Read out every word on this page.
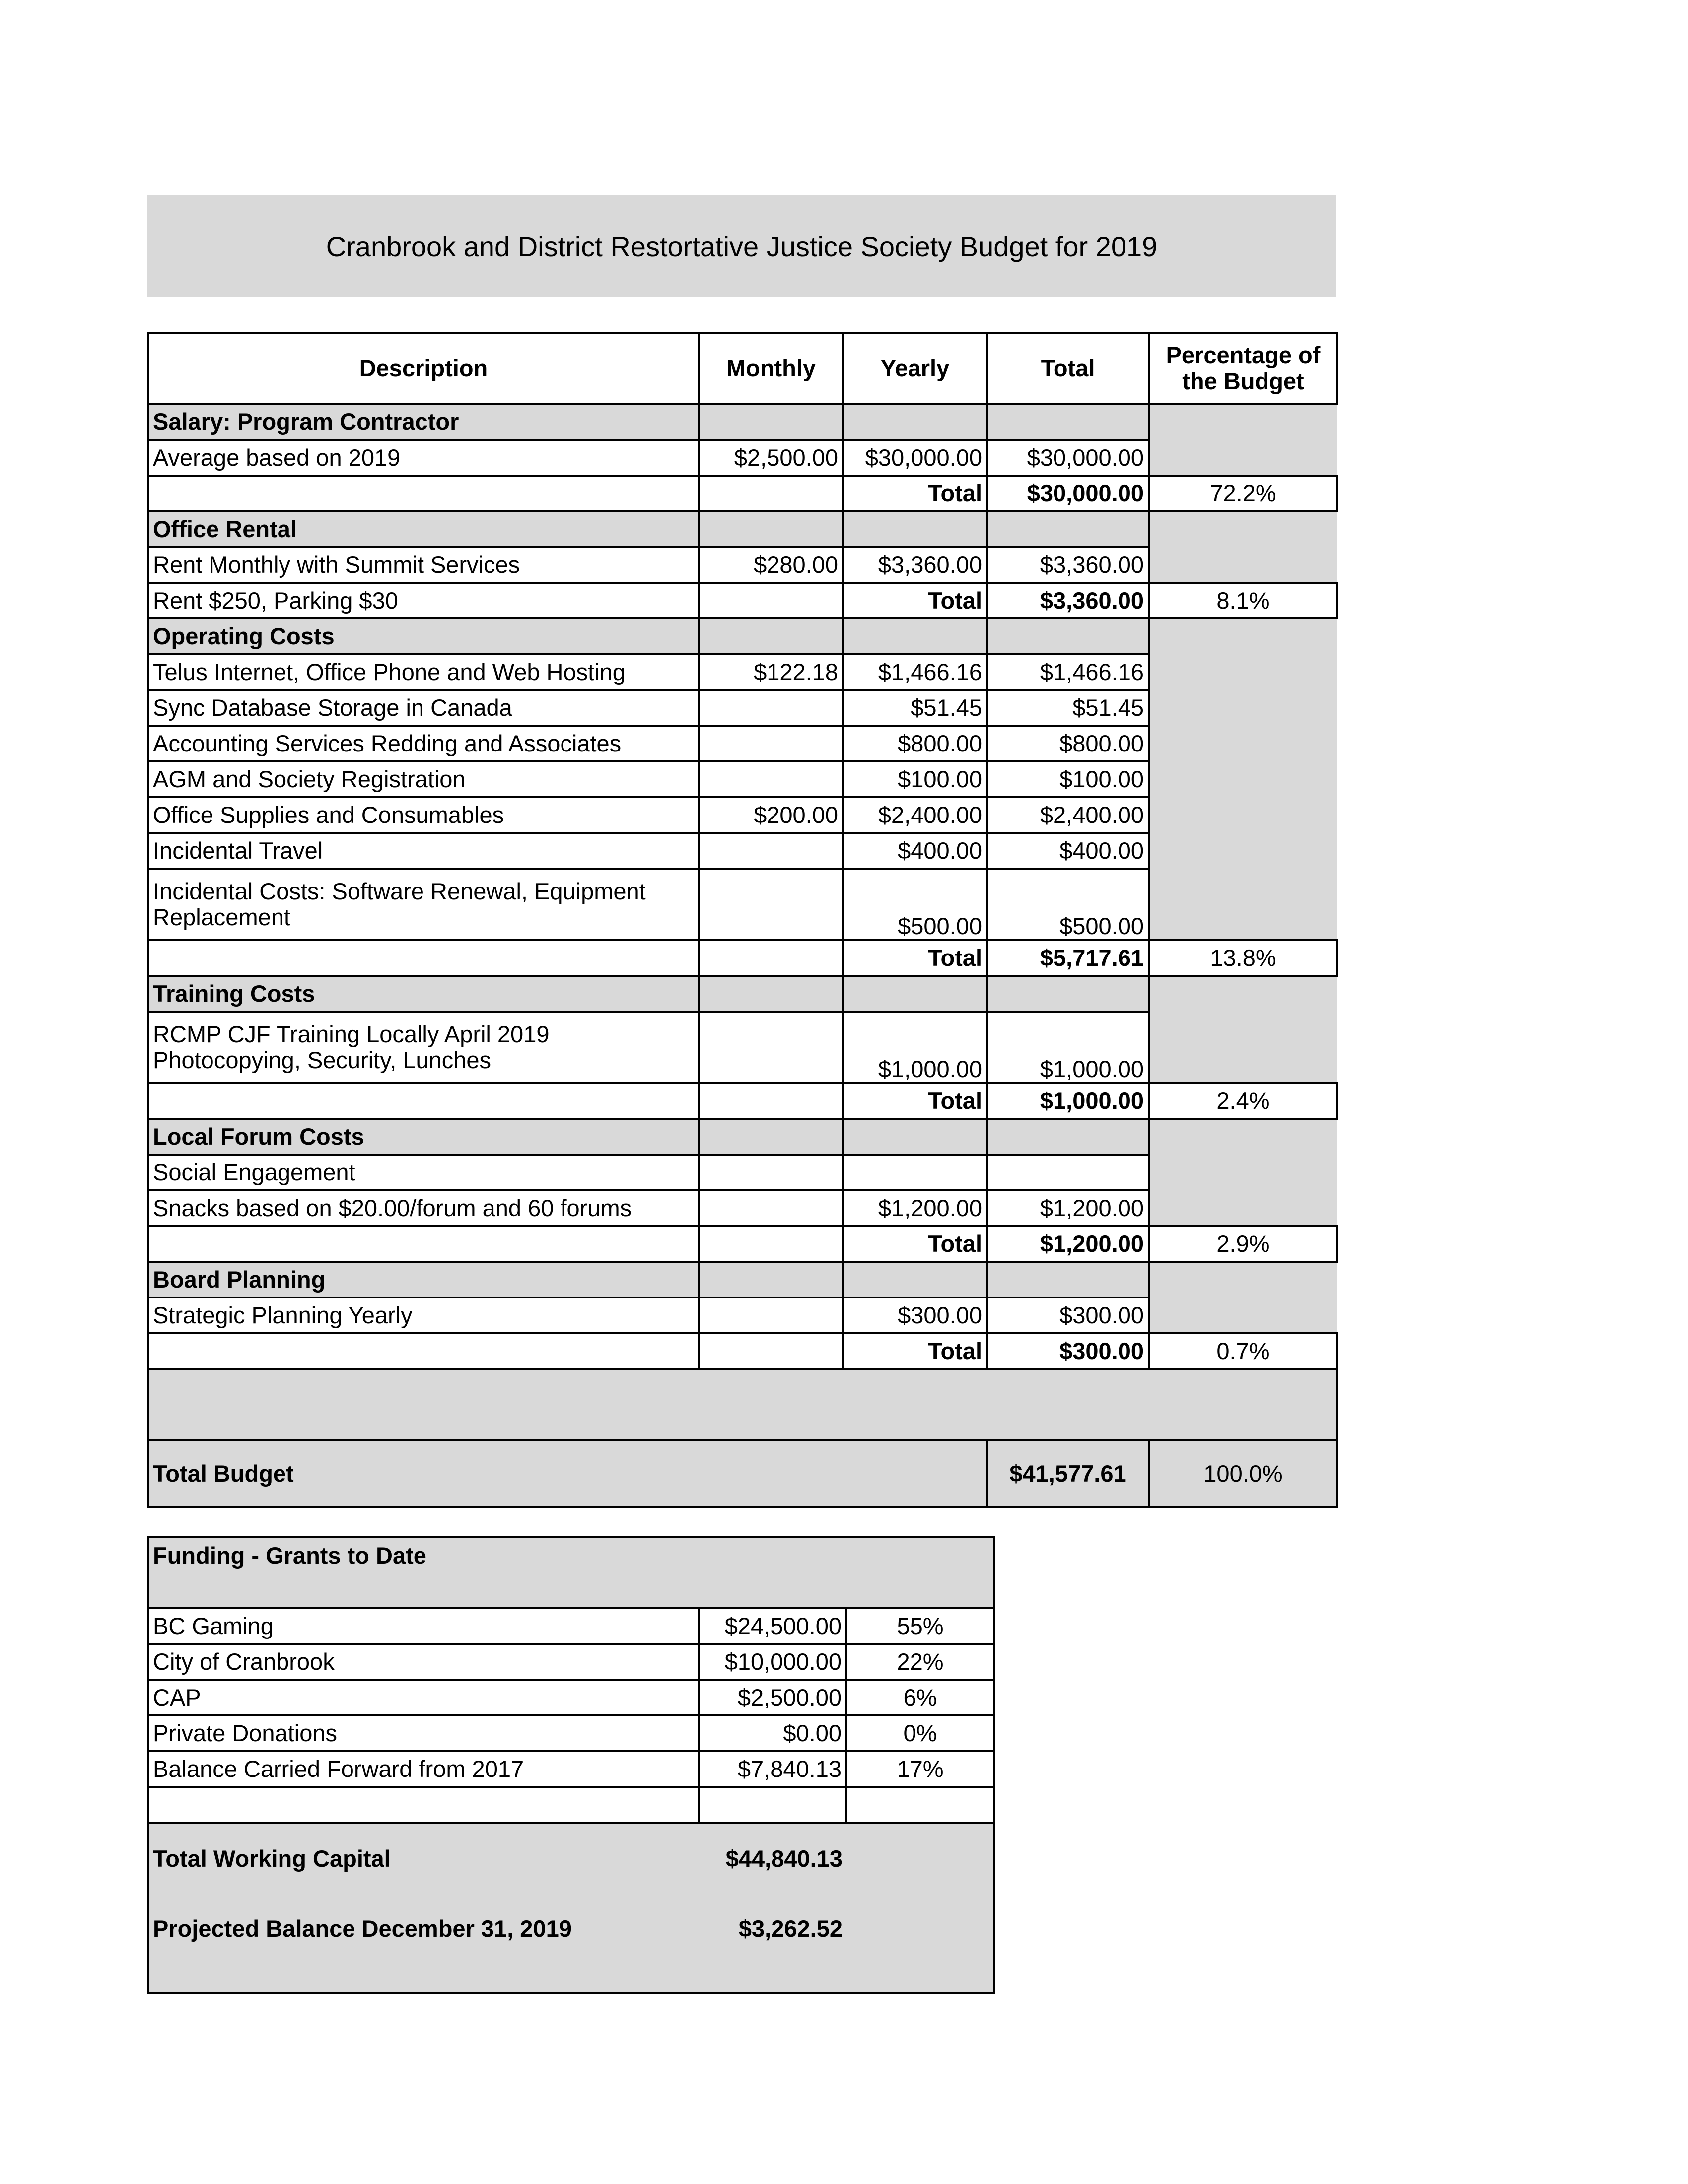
Cranbrook and District Restortative Justice Society Budget for 2019
Description	Monthly	Yearly	Total	Percentage of the Budget
Salary: Program Contractor				
Average based on 2019	$2,500.00	$30,000.00	$30,000.00	
		Total	$30,000.00	72.2%
Office Rental				
Rent Monthly with Summit Services	$280.00	$3,360.00	$3,360.00	
Rent $250, Parking $30		Total	$3,360.00	8.1%
Operating Costs				
Telus Internet, Office Phone and Web Hosting	$122.18	$1,466.16	$1,466.16	
Sync Database Storage in Canada		$51.45	$51.45	
Accounting Services Redding and Associates		$800.00	$800.00	
AGM and Society Registration		$100.00	$100.00	
Office Supplies and Consumables	$200.00	$2,400.00	$2,400.00	
Incidental Travel		$400.00	$400.00	
Incidental Costs: Software Renewal, Equipment Replacement		$500.00	$500.00	
		Total	$5,717.61	13.8%
Training Costs				
RCMP CJF Training Locally April 2019 Photocopying, Security, Lunches		$1,000.00	$1,000.00	
		Total	$1,000.00	2.4%
Local Forum Costs				
Social Engagement				
Snacks based on $20.00/forum and 60 forums		$1,200.00	$1,200.00	
		Total	$1,200.00	2.9%
Board Planning				
Strategic Planning Yearly		$300.00	$300.00	
		Total	$300.00	0.7%

Total Budget			$41,577.61	100.0%
Funding - Grants to Date		
BC Gaming	$24,500.00	55%
City of Cranbrook	$10,000.00	22%
CAP	$2,500.00	6%
Private Donations	$0.00	0%
Balance Carried Forward from 2017	$7,840.13	17%

Total Working Capital	$44,840.13	
Projected Balance December 31, 2019	$3,262.52	
